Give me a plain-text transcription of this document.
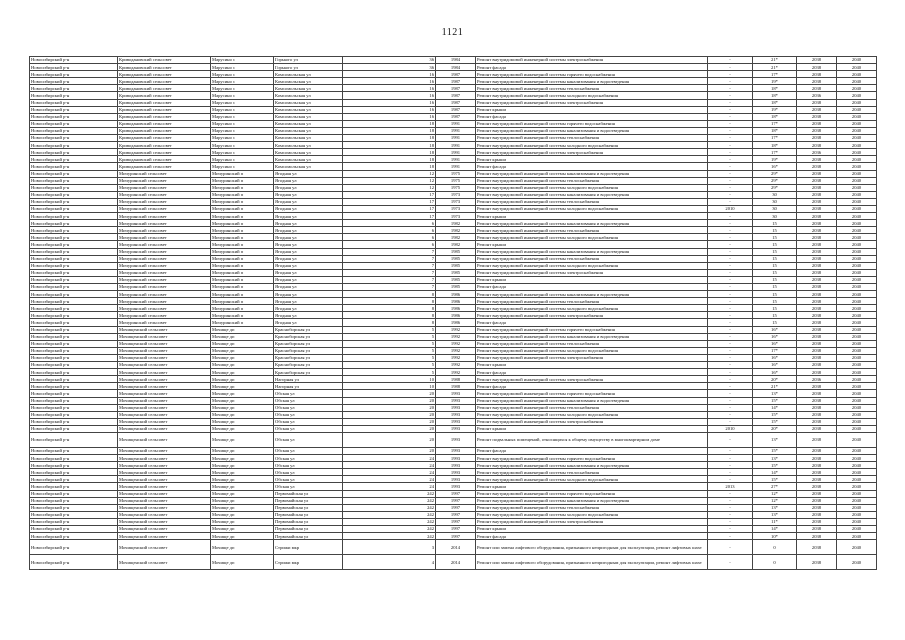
1121
Новосибирский р-н	Криводановский сельсовет	Марусино с	Горького ул	36	1984	Ремонт внутридомовой инженерной системы электроснабжения	-	21*	2038	2040
Новосибирский р-н	Криводановский сельсовет	Марусино с	Горького ул	36	1984	Ремонт фасада	-	21*	2038	2040
Новосибирский р-н	Криводановский сельсовет	Марусино с	Комсомольская ул	16	1987	Ремонт внутридомовой инженерной системы горячего водоснабжения	-	17*	2038	2040
Новосибирский р-н	Криводановский сельсовет	Марусино с	Комсомольская ул	16	1987	Ремонт внутридомовой инженерной системы канализования и водоотведения	-	19*	2038	2040
Новосибирский р-н	Криводановский сельсовет	Марусино с	Комсомольская ул	16	1987	Ремонт внутридомовой инженерной системы теплоснабжения	-	18*	2038	2040
Новосибирский р-н	Криводановский сельсовет	Марусино с	Комсомольская ул	16	1987	Ремонт внутридомовой инженерной системы холодного водоснабжения	-	18*	2036	2040
Новосибирский р-н	Криводановский сельсовет	Марусино с	Комсомольская ул	16	1987	Ремонт внутридомовой инженерной системы электроснабжения	-	18*	2038	2040
Новосибирский р-н	Криводановский сельсовет	Марусино с	Комсомольская ул	16	1987	Ремонт крыши	-	19*	2038	2040
Новосибирский р-н	Криводановский сельсовет	Марусино с	Комсомольская ул	16	1987	Ремонт фасада	-	18*	2038	2040
Новосибирский р-н	Криводановский сельсовет	Марусино с	Комсомольская ул	18	1991	Ремонт внутридомовой инженерной системы горячего водоснабжения	-	17*	2038	2040
Новосибирский р-н	Криводановский сельсовет	Марусино с	Комсомольская ул	18	1991	Ремонт внутридомовой инженерной системы канализования и водоотведения	-	18*	2038	2040
Новосибирский р-н	Криводановский сельсовет	Марусино с	Комсомольская ул	18	1991	Ремонт внутридомовой инженерной системы теплоснабжения	-	17*	2038	2040
Новосибирский р-н	Криводановский сельсовет	Марусино с	Комсомольская ул	18	1991	Ремонт внутридомовой инженерной системы холодного водоснабжения	-	18*	2038	2040
Новосибирский р-н	Криводановский сельсовет	Марусино с	Комсомольская ул	18	1991	Ремонт внутридомовой инженерной системы электроснабжения	-	17*	2036	2040
Новосибирский р-н	Криводановский сельсовет	Марусино с	Комсомольская ул	18	1991	Ремонт крыши	-	19*	2038	2040
Новосибирский р-н	Криводановский сельсовет	Марусино с	Комсомольская ул	18	1991	Ремонт фасада	-	16*	2038	2040
Новосибирский р-н	Мичуринский сельсовет	Мичуринский п	Ягодная ул	12	1975	Ремонт внутридомовой инженерной системы канализования и водоотведения	-	29*	2038	2040
Новосибирский р-н	Мичуринский сельсовет	Мичуринский п	Ягодная ул	12	1975	Ремонт внутридомовой инженерной системы теплоснабжения	-	29*	2038	2040
Новосибирский р-н	Мичуринский сельсовет	Мичуринский п	Ягодная ул	12	1975	Ремонт внутридомовой инженерной системы холодного водоснабжения	-	29*	2038	2040
Новосибирский р-н	Мичуринский сельсовет	Мичуринский п	Ягодная ул	17	1973	Ремонт внутридомовой инженерной системы канализования и водоотведения	-	30	2038	2040
Новосибирский р-н	Мичуринский сельсовет	Мичуринский п	Ягодная ул	17	1973	Ремонт внутридомовой инженерной системы теплоснабжения	-	30	2038	2040
Новосибирский р-н	Мичуринский сельсовет	Мичуринский п	Ягодная ул	17	1973	Ремонт внутридомовой инженерной системы холодного водоснабжения	2010	30	2038	2040
Новосибирский р-н	Мичуринский сельсовет	Мичуринский п	Ягодная ул	17	1973	Ремонт крыши	-	30	2038	2040
Новосибирский р-н	Мичуринский сельсовет	Мичуринский п	Ягодная ул	6	1982	Ремонт внутридомовой инженерной системы канализования и водоотведения	-	15	2038	2040
Новосибирский р-н	Мичуринский сельсовет	Мичуринский п	Ягодная ул	6	1982	Ремонт внутридомовой инженерной системы теплоснабжения	-	15	2038	2040
Новосибирский р-н	Мичуринский сельсовет	Мичуринский п	Ягодная ул	6	1982	Ремонт внутридомовой инженерной системы холодного водоснабжения	-	15	2038	2040
Новосибирский р-н	Мичуринский сельсовет	Мичуринский п	Ягодная ул	6	1982	Ремонт крыши	-	15	2038	2040
Новосибирский р-н	Мичуринский сельсовет	Мичуринский п	Ягодная ул	7	1985	Ремонт внутридомовой инженерной системы канализования и водоотведения	-	15	2038	2040
Новосибирский р-н	Мичуринский сельсовет	Мичуринский п	Ягодная ул	7	1985	Ремонт внутридомовой инженерной системы теплоснабжения	-	15	2038	2040
Новосибирский р-н	Мичуринский сельсовет	Мичуринский п	Ягодная ул	7	1985	Ремонт внутридомовой инженерной системы холодного водоснабжения	-	15	2038	2040
Новосибирский р-н	Мичуринский сельсовет	Мичуринский п	Ягодная ул	7	1985	Ремонт внутридомовой инженерной системы электроснабжения	-	15	2038	2040
Новосибирский р-н	Мичуринский сельсовет	Мичуринский п	Ягодная ул	7	1985	Ремонт крыши	-	15	2038	2040
Новосибирский р-н	Мичуринский сельсовет	Мичуринский п	Ягодная ул	7	1985	Ремонт фасада	-	15	2038	2040
Новосибирский р-н	Мичуринский сельсовет	Мичуринский п	Ягодная ул	8	1986	Ремонт внутридомовой инженерной системы канализования и водоотведения	-	15	2038	2040
Новосибирский р-н	Мичуринский сельсовет	Мичуринский п	Ягодная ул	8	1986	Ремонт внутридомовой инженерной системы теплоснабжения	-	15	2038	2040
Новосибирский р-н	Мичуринский сельсовет	Мичуринский п	Ягодная ул	8	1986	Ремонт внутридомовой инженерной системы холодного водоснабжения	-	15	2038	2040
Новосибирский р-н	Мичуринский сельсовет	Мичуринский п	Ягодная ул	8	1986	Ремонт внутридомовой инженерной системы электроснабжения	-	15	2038	2040
Новосибирский р-н	Мичуринский сельсовет	Мичуринский п	Ягодная ул	8	1986	Ремонт фасада	-	15	2038	2040
Новосибирский р-н	Мочищенский сельсовет	Мочище дп	Красноборская ул	5	1992	Ремонт внутридомовой инженерной системы горячего водоснабжения	-	16*	2038	2040
Новосибирский р-н	Мочищенский сельсовет	Мочище дп	Красноборская ул	5	1992	Ремонт внутридомовой инженерной системы канализования и водоотведения	-	16*	2038	2040
Новосибирский р-н	Мочищенский сельсовет	Мочище дп	Красноборская ул	5	1992	Ремонт внутридомовой инженерной системы теплоснабжения	-	16*	2038	2040
Новосибирский р-н	Мочищенский сельсовет	Мочище дп	Красноборская ул	5	1992	Ремонт внутридомовой инженерной системы холодного водоснабжения	-	17*	2038	2040
Новосибирский р-н	Мочищенский сельсовет	Мочище дп	Красноборская ул	5	1992	Ремонт внутридомовой инженерной системы электроснабжения	-	16*	2038	2040
Новосибирский р-н	Мочищенский сельсовет	Мочище дп	Красноборская ул	5	1992	Ремонт крыши	-	16*	2038	2040
Новосибирский р-н	Мочищенский сельсовет	Мочище дп	Красноборская ул	5	1992	Ремонт фасада	-	16*	2038	2040
Новосибирский р-н	Мочищенский сельсовет	Мочище дп	Нагорная ул	10	1988	Ремонт внутридомовой инженерной системы электроснабжения	-	20*	2036	2040
Новосибирский р-н	Мочищенский сельсовет	Мочище дп	Нагорная ул	10	1988	Ремонт фасада	-	21*	2038	2040
Новосибирский р-н	Мочищенский сельсовет	Мочище дп	Обская ул	20	1993	Ремонт внутридомовой инженерной системы горячего водоснабжения	-	13*	2038	2040
Новосибирский р-н	Мочищенский сельсовет	Мочище дп	Обская ул	20	1993	Ремонт внутридомовой инженерной системы канализования и водоотведения	-	15*	2038	2040
Новосибирский р-н	Мочищенский сельсовет	Мочище дп	Обская ул	20	1993	Ремонт внутридомовой инженерной системы теплоснабжения	-	14*	2038	2040
Новосибирский р-н	Мочищенский сельсовет	Мочище дп	Обская ул	20	1993	Ремонт внутридомовой инженерной системы холодного водоснабжения	-	15*	2038	2040
Новосибирский р-н	Мочищенский сельсовет	Мочище дп	Обская ул	20	1993	Ремонт внутридомовой инженерной системы электроснабжения	-	15*	2038	2040
Новосибирский р-н	Мочищенский сельсовет	Мочище дп	Обская ул	20	1993	Ремонт крыши	2010	20*	2038	2040
Новосибирский р-н	Мочищенский сельсовет	Мочище дп	Обская ул	20	1993	Ремонт подвальных помещений, относящихся к общему имуществу в многоквартирном доме	-	13*	2038	2040
Новосибирский р-н	Мочищенский сельсовет	Мочище дп	Обская ул	20	1993	Ремонт фасада	-	15*	2038	2040
Новосибирский р-н	Мочищенский сельсовет	Мочище дп	Обская ул	24	1993	Ремонт внутридомовой инженерной системы горячего водоснабжения	-	13*	2038	2040
Новосибирский р-н	Мочищенский сельсовет	Мочище дп	Обская ул	24	1993	Ремонт внутридомовой инженерной системы канализования и водоотведения	-	15*	2038	2040
Новосибирский р-н	Мочищенский сельсовет	Мочище дп	Обская ул	24	1993	Ремонт внутридомовой инженерной системы теплоснабжения	-	14*	2038	2040
Новосибирский р-н	Мочищенский сельсовет	Мочище дп	Обская ул	24	1993	Ремонт внутридомовой инженерной системы холодного водоснабжения	-	15*	2038	2040
Новосибирский р-н	Мочищенский сельсовет	Мочище дп	Обская ул	24	1993	Ремонт крыши	2013	27*	2038	2040
Новосибирский р-н	Мочищенский сельсовет	Мочище дп	Первомайская ул	242	1997	Ремонт внутридомовой инженерной системы горячего водоснабжения	-	12*	2038	2040
Новосибирский р-н	Мочищенский сельсовет	Мочище дп	Первомайская ул	242	1997	Ремонт внутридомовой инженерной системы канализования и водоотведения	-	12*	2038	2040
Новосибирский р-н	Мочищенский сельсовет	Мочище дп	Первомайская ул	242	1997	Ремонт внутридомовой инженерной системы теплоснабжения	-	13*	2038	2040
Новосибирский р-н	Мочищенский сельсовет	Мочище дп	Первомайская ул	242	1997	Ремонт внутридомовой инженерной системы холодного водоснабжения	-	13*	2038	2040
Новосибирский р-н	Мочищенский сельсовет	Мочище дп	Первомайская ул	242	1997	Ремонт внутридомовой инженерной системы электроснабжения	-	11*	2038	2040
Новосибирский р-н	Мочищенский сельсовет	Мочище дп	Первомайская ул	242	1997	Ремонт крыши	-	14*	2038	2040
Новосибирский р-н	Мочищенский сельсовет	Мочище дп	Первомайская ул	242	1997	Ремонт фасада	-	10*	2038	2040
Новосибирский р-н	Мочищенский сельсовет	Мочище дп	Стрижи мкр	3	2014	Ремонт или замена лифтового оборудования, признанного непригодным для эксплуатации, ремонт лифтовых шахт	-	0	2038	2040
Новосибирский р-н	Мочищенский сельсовет	Мочище дп	Стрижи мкр	4	2014	Ремонт или замена лифтового оборудования, признанного непригодным для эксплуатации, ремонт лифтовых шахт	-	0	2038	2040
